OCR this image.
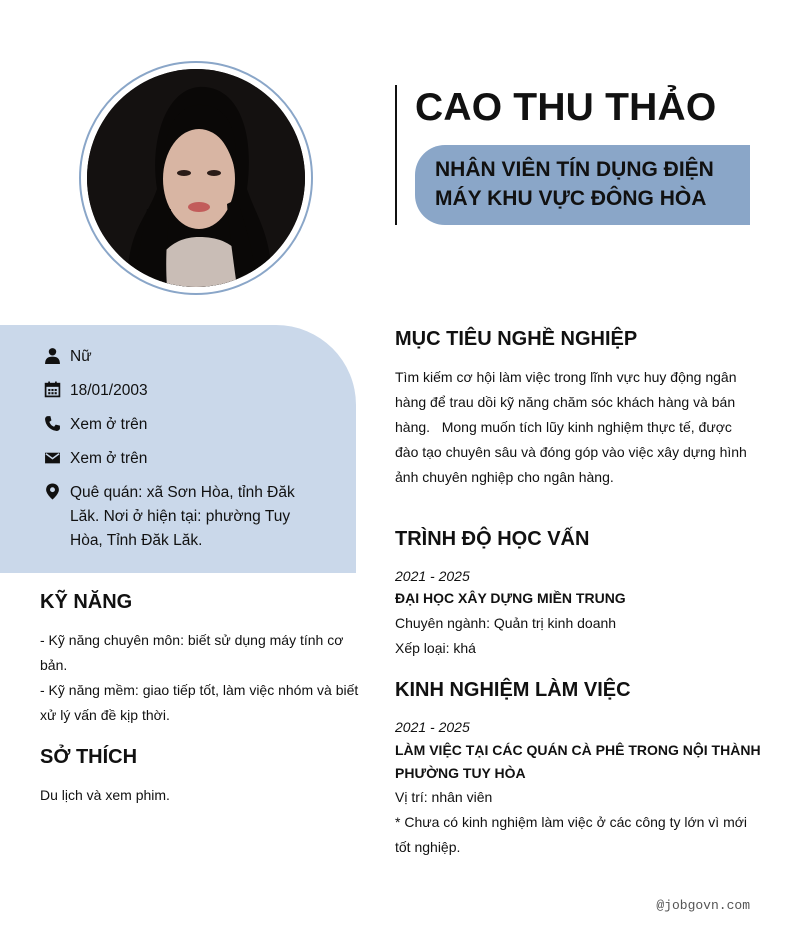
CAO THU THẢO
NHÂN VIÊN TÍN DỤNG ĐIỆN
MÁY KHU VỰC ĐÔNG HÒA
Nữ
18/01/2003
Xem ở trên
Xem ở trên
Quê quán: xã Sơn Hòa, tỉnh Đăk
Lăk. Nơi ở hiện tại: phường Tuy
Hòa, Tỉnh Đăk Lăk.
KỸ NĂNG
- Kỹ năng chuyên môn: biết sử dụng máy tính cơ
bản.
- Kỹ năng mềm: giao tiếp tốt, làm việc nhóm và biết
xử lý vấn đề kịp thời.
SỞ THÍCH
Du lịch và xem phim.
MỤC TIÊU NGHỀ NGHIỆP
Tìm kiếm cơ hội làm việc trong lĩnh vực huy động ngân
hàng để trau dồi kỹ năng chăm sóc khách hàng và bán
hàng.   Mong muốn tích lũy kinh nghiệm thực tế, được
đào tạo chuyên sâu và đóng góp vào việc xây dựng hình
ảnh chuyên nghiệp cho ngân hàng.
TRÌNH ĐỘ HỌC VẤN
2021 - 2025
ĐẠI HỌC XÂY DỰNG MIỀN TRUNG
Chuyên ngành: Quản trị kinh doanh
Xếp loại: khá
KINH NGHIỆM LÀM VIỆC
2021 - 2025
LÀM VIỆC TẠI CÁC QUÁN CÀ PHÊ TRONG NỘI THÀNH
PHƯỜNG TUY HÒA
Vị trí: nhân viên
* Chưa có kinh nghiệm làm việc ở các công ty lớn vì mới
tốt nghiệp.
@jobgovn.com
